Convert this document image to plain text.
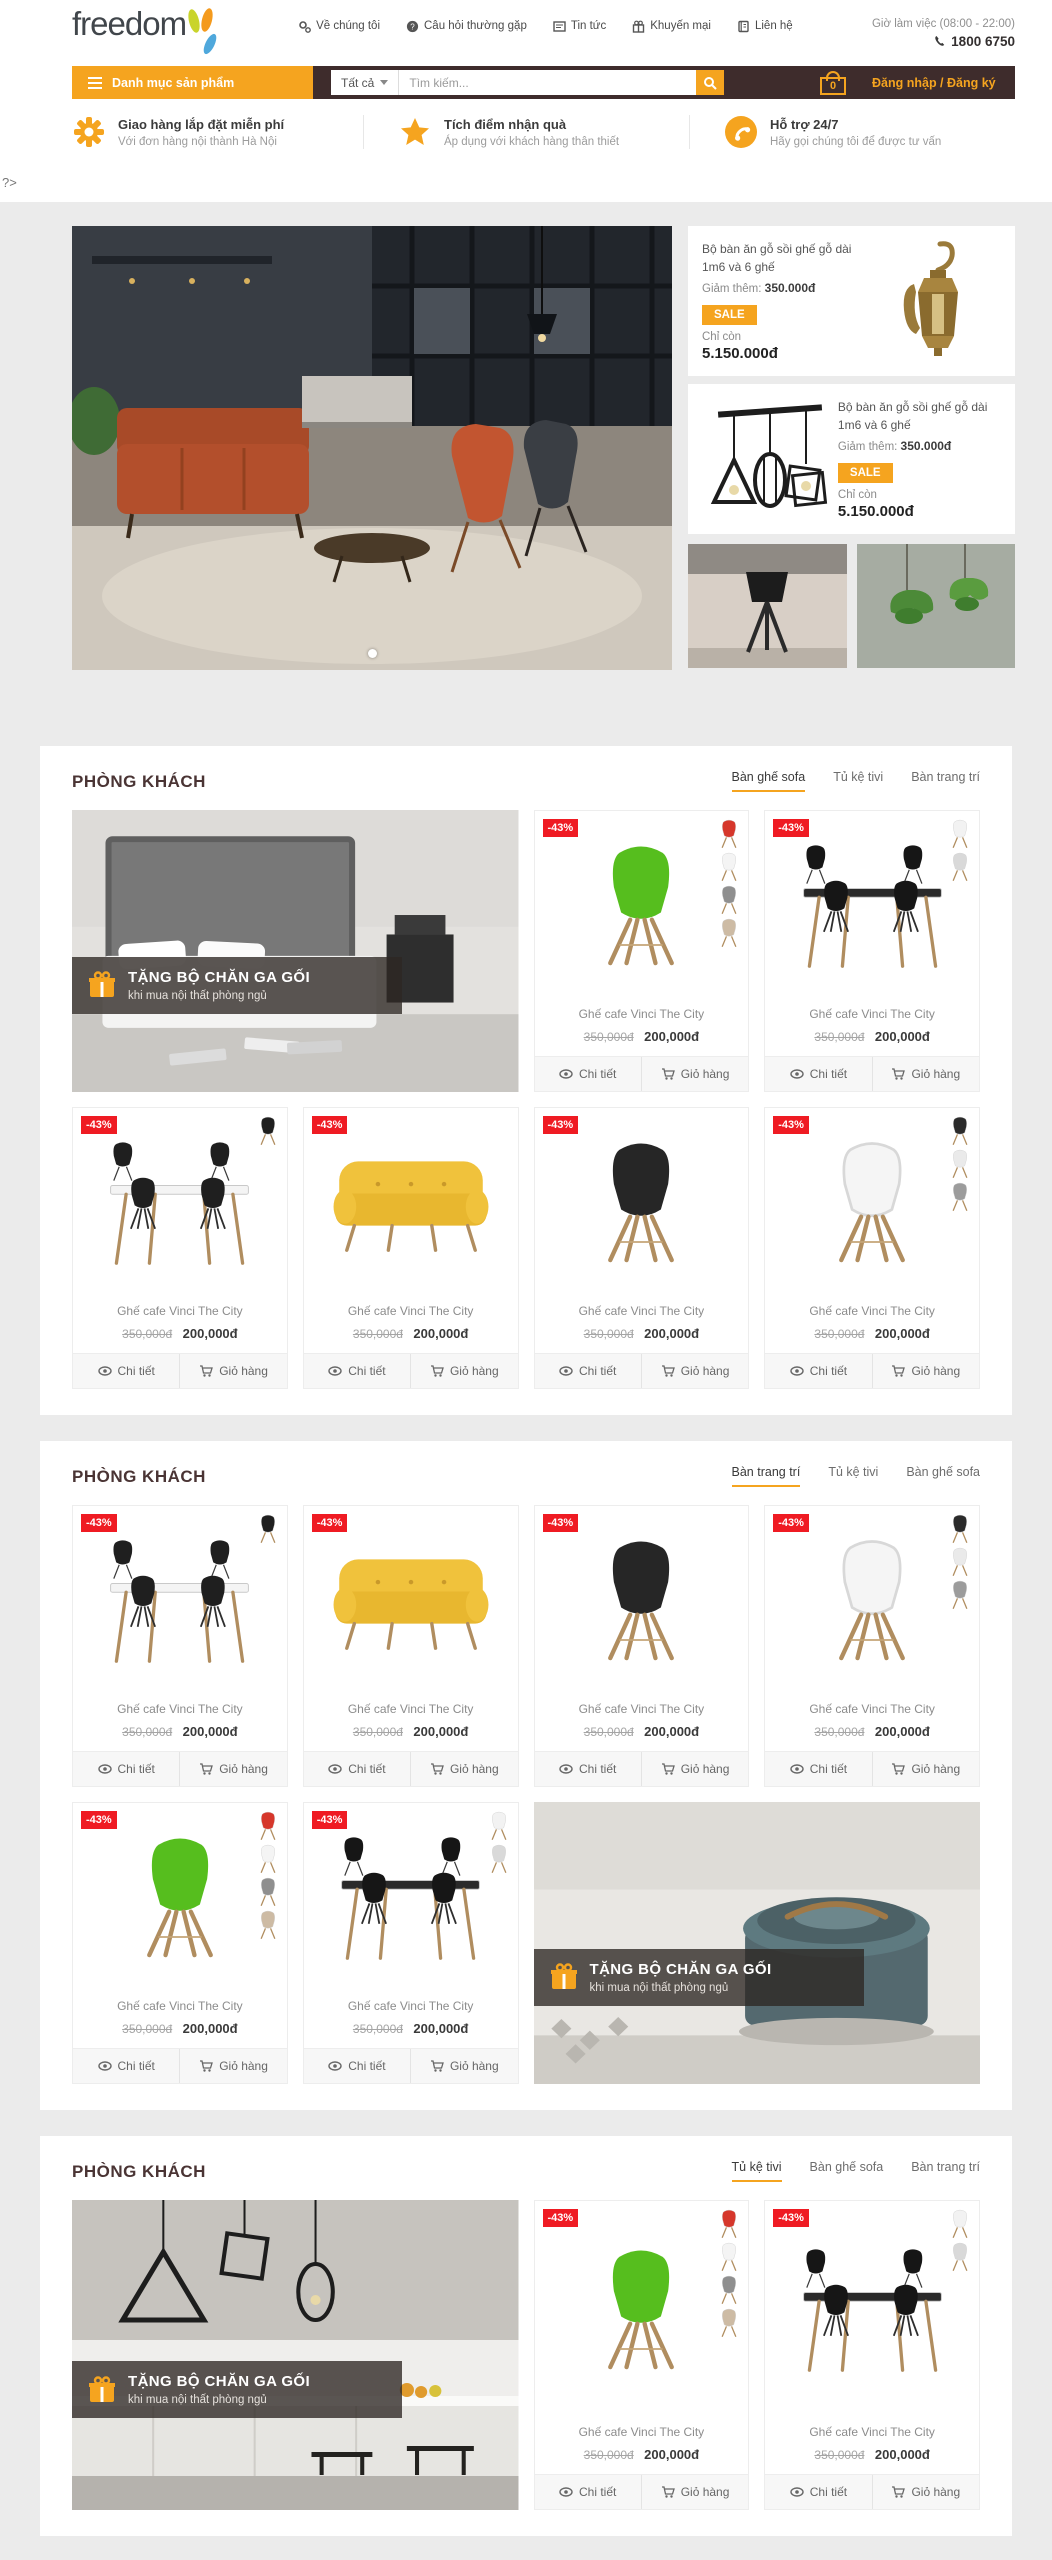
freedom	Về chúng tôi	? Câu hỏi thường gặp	Tin tức	Khuyến mại	Liên hệ	Giờ làm việc (08:00 - 22:00)
1800 6750
Danh mục sản phẩm	Tất cả
Tìm kiếm...	0	Đăng nhập / Đăng ký
Giao hàng lắp đặt miễn phí
Với đơn hàng nội thành Hà Nội
Tích điểm nhận quà
Áp dụng với khách hàng thân thiết
Hỗ trợ 24/7
Hãy gọi chúng tôi để được tư vấn
?>
Bộ bàn ăn gỗ sồi ghế gỗ dài 1m6 và 6 ghế
Giảm thêm: 350.000đ
SALE
Chỉ còn
5.150.000đ
Bộ bàn ăn gỗ sồi ghế gỗ dài 1m6 và 6 ghế
Giảm thêm: 350.000đ
SALE
Chỉ còn
5.150.000đ
PHÒNG KHÁCH	Bàn ghế sofa Tủ kệ tivi Bàn trang trí
TẶNG BỘ CHĂN GA GỐI
khi mua nội thất phòng ngủ
-43%
Ghế cafe Vinci The City
350,000đ 200,000đ
Chi tiết	Giỏ hàng
-43%
Ghế cafe Vinci The City
350,000đ 200,000đ
Chi tiết	Giỏ hàng
-43%
Ghế cafe Vinci The City
350,000đ 200,000đ
Chi tiết	Giỏ hàng
-43%
Ghế cafe Vinci The City
350,000đ 200,000đ
Chi tiết	Giỏ hàng
-43%
Ghế cafe Vinci The City
350,000đ 200,000đ
Chi tiết	Giỏ hàng
-43%
Ghế cafe Vinci The City
350,000đ 200,000đ
Chi tiết	Giỏ hàng
PHÒNG KHÁCH	Bàn trang trí Tủ kệ tivi Bàn ghế sofa
-43%
Ghế cafe Vinci The City
350,000đ 200,000đ
Chi tiết	Giỏ hàng
-43%
Ghế cafe Vinci The City
350,000đ 200,000đ
Chi tiết	Giỏ hàng
-43%
Ghế cafe Vinci The City
350,000đ 200,000đ
Chi tiết	Giỏ hàng
-43%
Ghế cafe Vinci The City
350,000đ 200,000đ
Chi tiết	Giỏ hàng
-43%
Ghế cafe Vinci The City
350,000đ 200,000đ
Chi tiết	Giỏ hàng
-43%
Ghế cafe Vinci The City
350,000đ 200,000đ
Chi tiết	Giỏ hàng
TẶNG BỘ CHĂN GA GỐI
khi mua nội thất phòng ngủ
PHÒNG KHÁCH	Tủ kệ tivi Bàn ghế sofa Bàn trang trí
TẶNG BỘ CHĂN GA GỐI
khi mua nội thất phòng ngủ
-43%
Ghế cafe Vinci The City
350,000đ 200,000đ
Chi tiết	Giỏ hàng
-43%
Ghế cafe Vinci The City
350,000đ 200,000đ
Chi tiết	Giỏ hàng
